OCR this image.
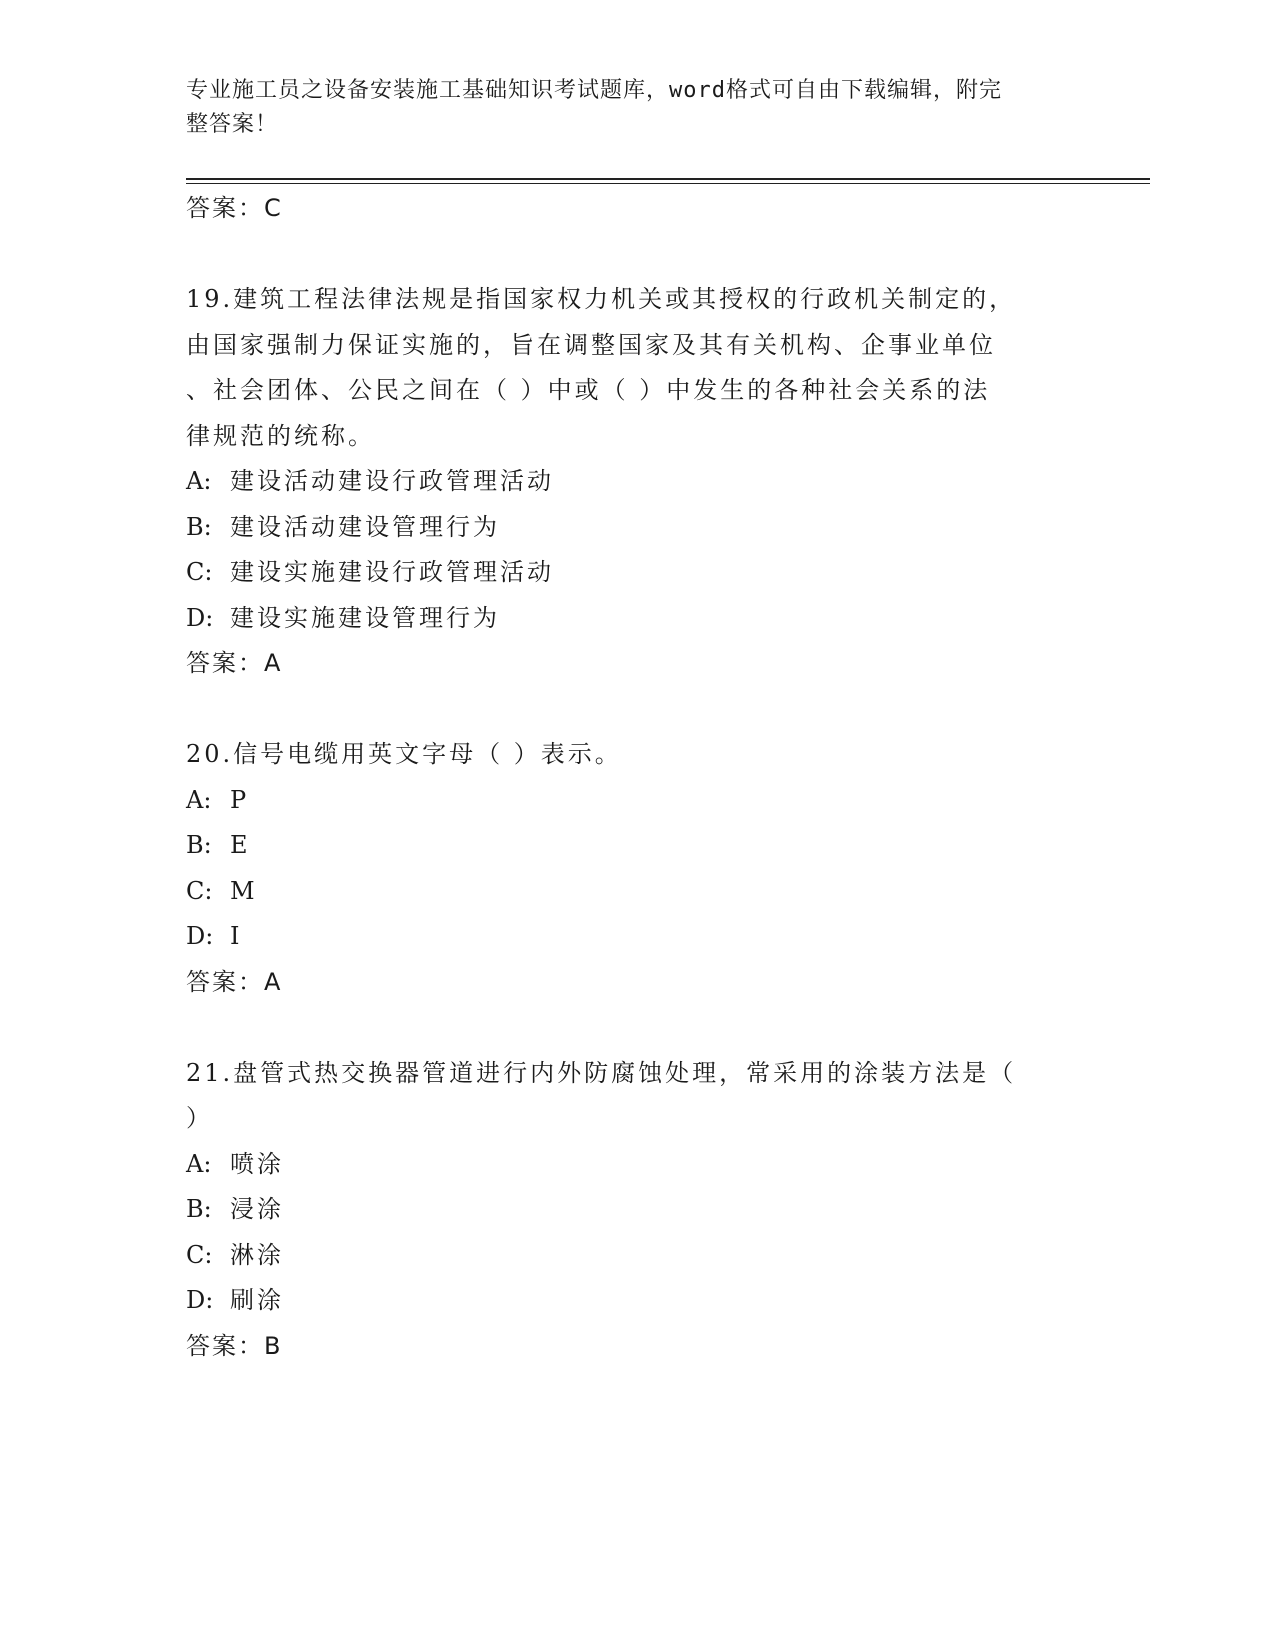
专业施工员之设备安装施工基础知识考试题库，word格式可自由下载编辑，附完
整答案！
答案：C
19.建筑工程法律法规是指国家权力机关或其授权的行政机关制定的，
由国家强制力保证实施的，旨在调整国家及其有关机构、企事业单位
、社会团体、公民之间在（ ）中或（ ）中发生的各种社会关系的法
律规范的统称。
A: 建设活动建设行政管理活动
B: 建设活动建设管理行为
C: 建设实施建设行政管理活动
D: 建设实施建设管理行为
答案：A
20.信号电缆用英文字母（ ）表示。
A: P
B: E
C: M
D: I
答案：A
21.盘管式热交换器管道进行内外防腐蚀处理，常采用的涂装方法是（
）
A: 喷涂
B: 浸涂
C: 淋涂
D: 刷涂
答案：B
